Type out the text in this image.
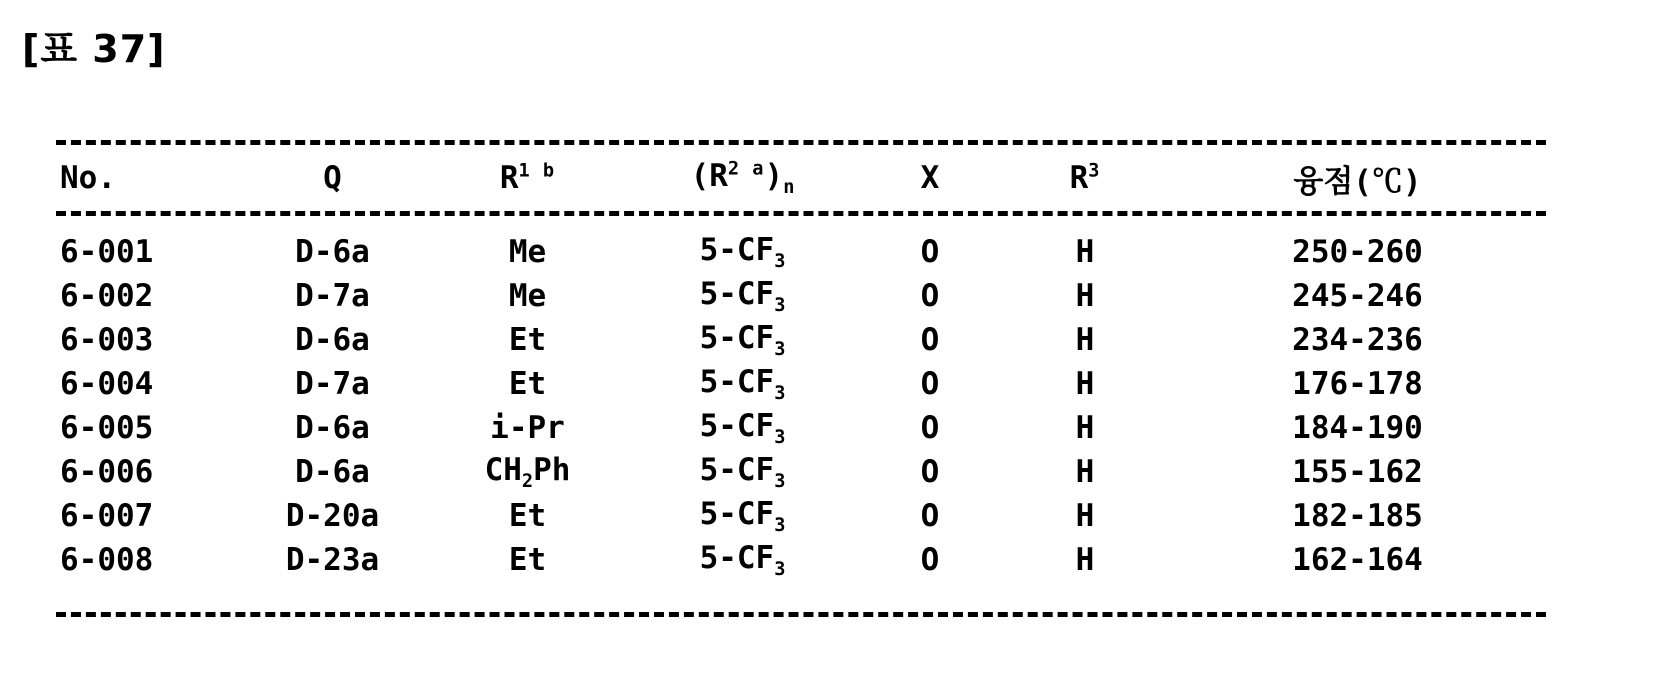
[표 37]
No.	Q	$R^{1 b}$	$(R^{2 a})_n$	X	$R^3$	융점(℃)
6-001	D-6a	Me	$5-CF_3$	O	H	250-260
6-002	D-7a	Me	$5-CF_3$	O	H	245-246
6-003	D-6a	Et	$5-CF_3$	O	H	234-236
6-004	D-7a	Et	$5-CF_3$	O	H	176-178
6-005	D-6a	i-Pr	$5-CF_3$	O	H	184-190
6-006	D-6a	$CH_2Ph$	$5-CF_3$	O	H	155-162
6-007	D-20a	Et	$5-CF_3$	O	H	182-185
6-008	D-23a	Et	$5-CF_3$	O	H	162-164
